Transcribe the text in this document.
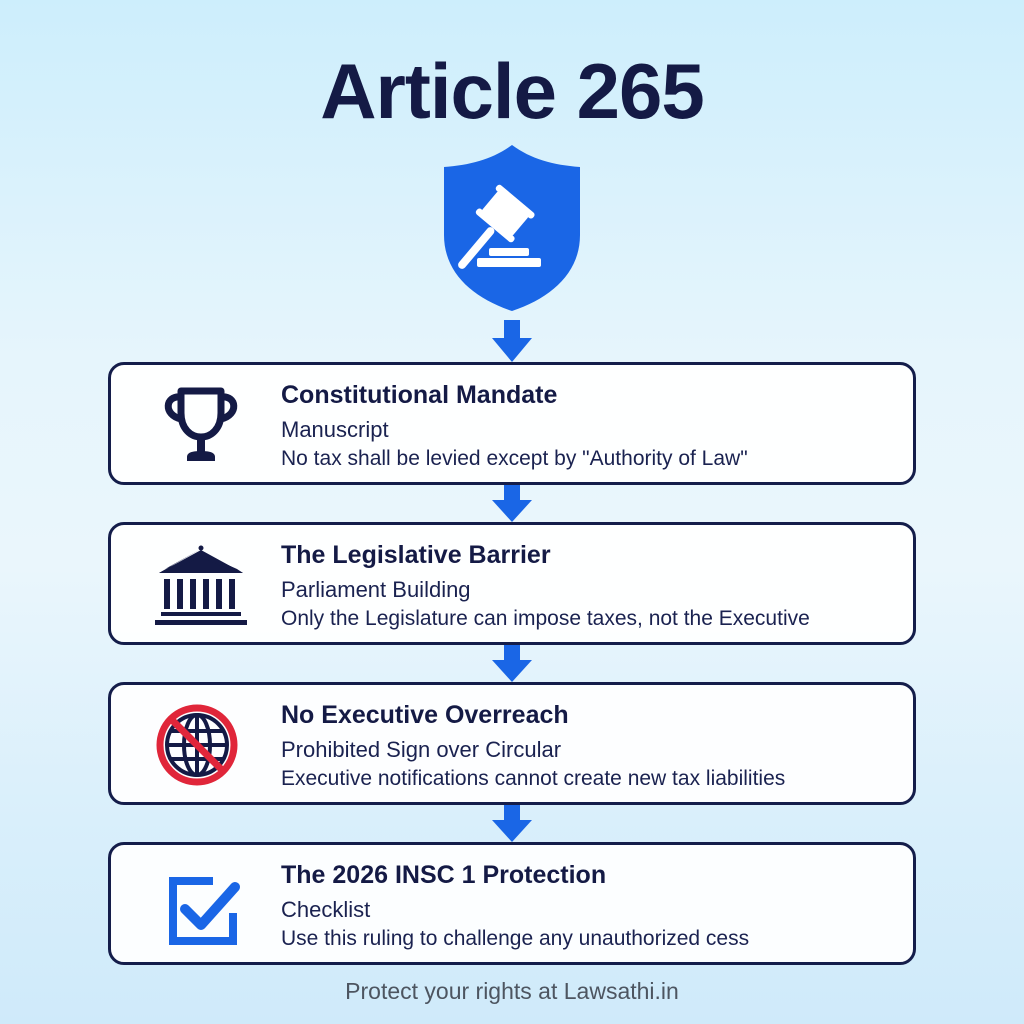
Article 265
Constitutional Mandate
Manuscript
No tax shall be levied except by "Authority of Law"
The Legislative Barrier
Parliament Building
Only the Legislature can impose taxes, not the Executive
No Executive Overreach
Prohibited Sign over Circular
Executive notifications cannot create new tax liabilities
The 2026 INSC 1 Protection
Checklist
Use this ruling to challenge any unauthorized cess
Protect your rights at Lawsathi.in
